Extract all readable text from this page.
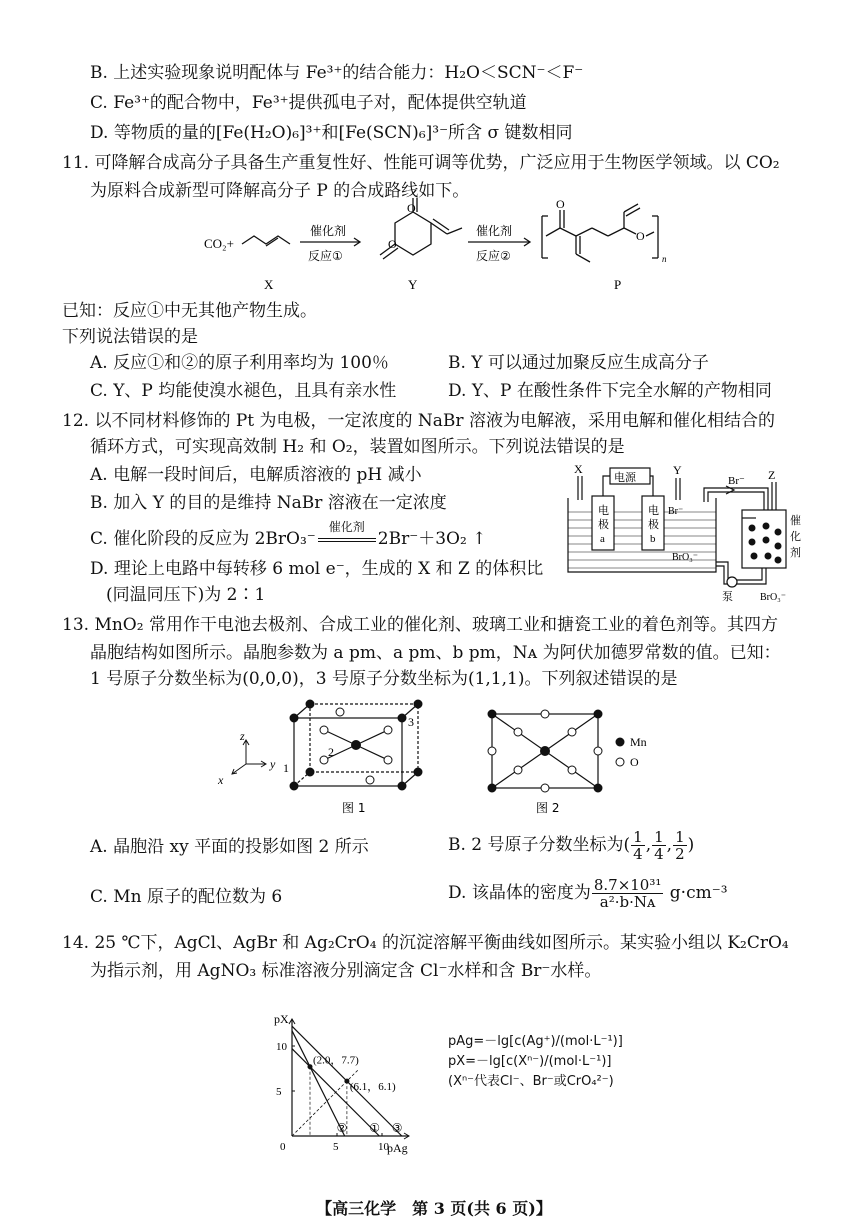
B. 上述实验现象说明配体与 Fe³⁺的结合能力：H₂O＜SCN⁻＜F⁻
C. Fe³⁺的配合物中，Fe³⁺提供孤电子对，配体提供空轨道
D. 等物质的量的[Fe(H₂O)₆]³⁺和[Fe(SCN)₆]³⁻所含 σ 键数相同
11. 可降解合成高分子具备生产重复性好、性能可调等优势，广泛应用于生物医学领域。以 CO₂
为原料合成新型可降解高分子 P 的合成路线如下。
CO₂+
催化剂
反应①
催化剂
反应②
O
O
O
O
n
X	Y	P
已知：反应①中无其他产物生成。
下列说法错误的是
A. 反应①和②的原子利用率均为 100％	B. Y 可以通过加聚反应生成高分子
C. Y、P 均能使溴水褪色，且具有亲水性	D. Y、P 在酸性条件下完全水解的产物相同
12. 以不同材料修饰的 Pt 为电极，一定浓度的 NaBr 溶液为电解液，采用电解和催化相结合的
循环方式，可实现高效制 H₂ 和 O₂，装置如图所示。下列说法错误的是
A. 电解一段时间后，电解质溶液的 pH 减小
B. 加入 Y 的目的是维持 NaBr 溶液在一定浓度
C. 催化阶段的反应为 2BrO₃⁻
催化剂
2Br⁻＋3O₂ ↑
D. 理论上电路中每转移 6 mol e⁻，生成的 X 和 Z 的体积比
(同温同压下)为 2∶1
X
电源
Y
Br⁻ Z
电
极
a
电
极
b
Br⁻
BrO₃⁻
催
化
剂
泵	BrO₃⁻
13. MnO₂ 常用作干电池去极剂、合成工业的催化剂、玻璃工业和搪瓷工业的着色剂等。其四方
晶胞结构如图所示。晶胞参数为 a pm、a pm、b pm，Nᴀ 为阿伏加德罗常数的值。已知：
1 号原子分数坐标为(0,0,0)，3 号原子分数坐标为(1,1,1)。下列叙述错误的是
z
y
x
1
2
3
图 1	图 2
Mn
O
A. 晶胞沿 xy 平面的投影如图 2 所示	B. 2 号原子分数坐标为( $\frac{1}{4}$ , $\frac{1}{4}$ , $\frac{1}{2}$ )
C. Mn 原子的配位数为 6	D. 该晶体的密度为 $\frac{\text{8.7×10³¹}}{\text{a²·b·Nᴀ}} g\cdot cm^{-3}$
14. 25 ℃下，AgCl、AgBr 和 Ag₂CrO₄ 的沉淀溶解平衡曲线如图所示。某实验小组以 K₂CrO₄
为指示剂，用 AgNO₃ 标准溶液分别滴定含 Cl⁻水样和含 Br⁻水样。
pX
pAg
0	5	10
5
10
①
②	③
(2.0，7.7)
(6.1，6.1)
pAg=－lg[c(Ag⁺)/(mol·L⁻¹)]
pX=－lg[c(Xⁿ⁻)/(mol·L⁻¹)]
(Xⁿ⁻代表Cl⁻、Br⁻或CrO₄²⁻)
【高三化学　第 3 页(共 6 页)】
